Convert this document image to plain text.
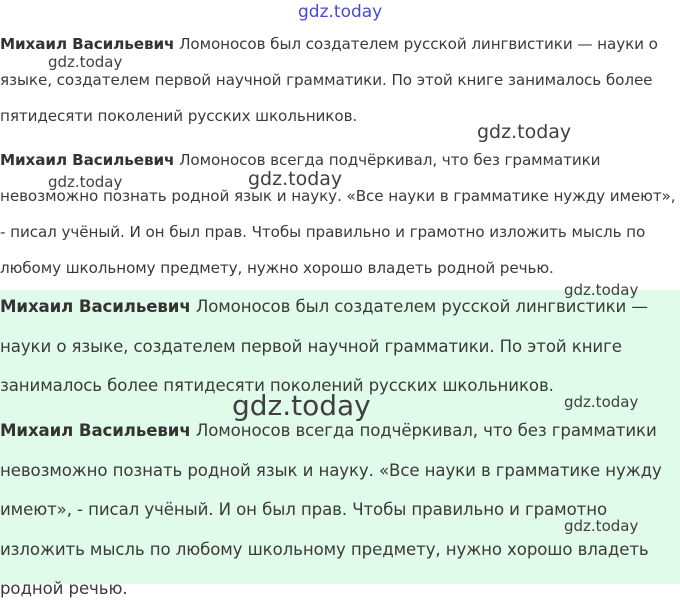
Михаил Васильевич Ломоносов был создателем русской лингвистики — науки о языке, создателем первой научной грамматики. По этой книге занималось более пятидесяти поколений русских школьников.

Михаил Васильевич Ломоносов всегда подчёркивал, что без грамматики невозможно познать родной язык и науку. «Все науки в грамматике нужду имеют», - писал учёный. И он был прав. Чтобы правильно и грамотно изложить мысль по любому школьному предмету, нужно хорошо владеть родной речью.

Михаил Васильевич Ломоносов был создателем русской лингвистики — науки о языке, создателем первой научной грамматики. По этой книге занималось более пятидесяти поколений русских школьников.

Михаил Васильевич Ломоносов всегда подчёркивал, что без грамматики невозможно познать родной язык и науку. «Все науки в грамматике нужду имеют», - писал учёный. И он был прав. Чтобы правильно и грамотно изложить мысль по любому школьному предмету, нужно хорошо владеть родной речью.

gdz.today
gdz.today
gdz.today
gdz.today	gdz.today
gdz.today
gdz.today	gdz.today
gdz.today
